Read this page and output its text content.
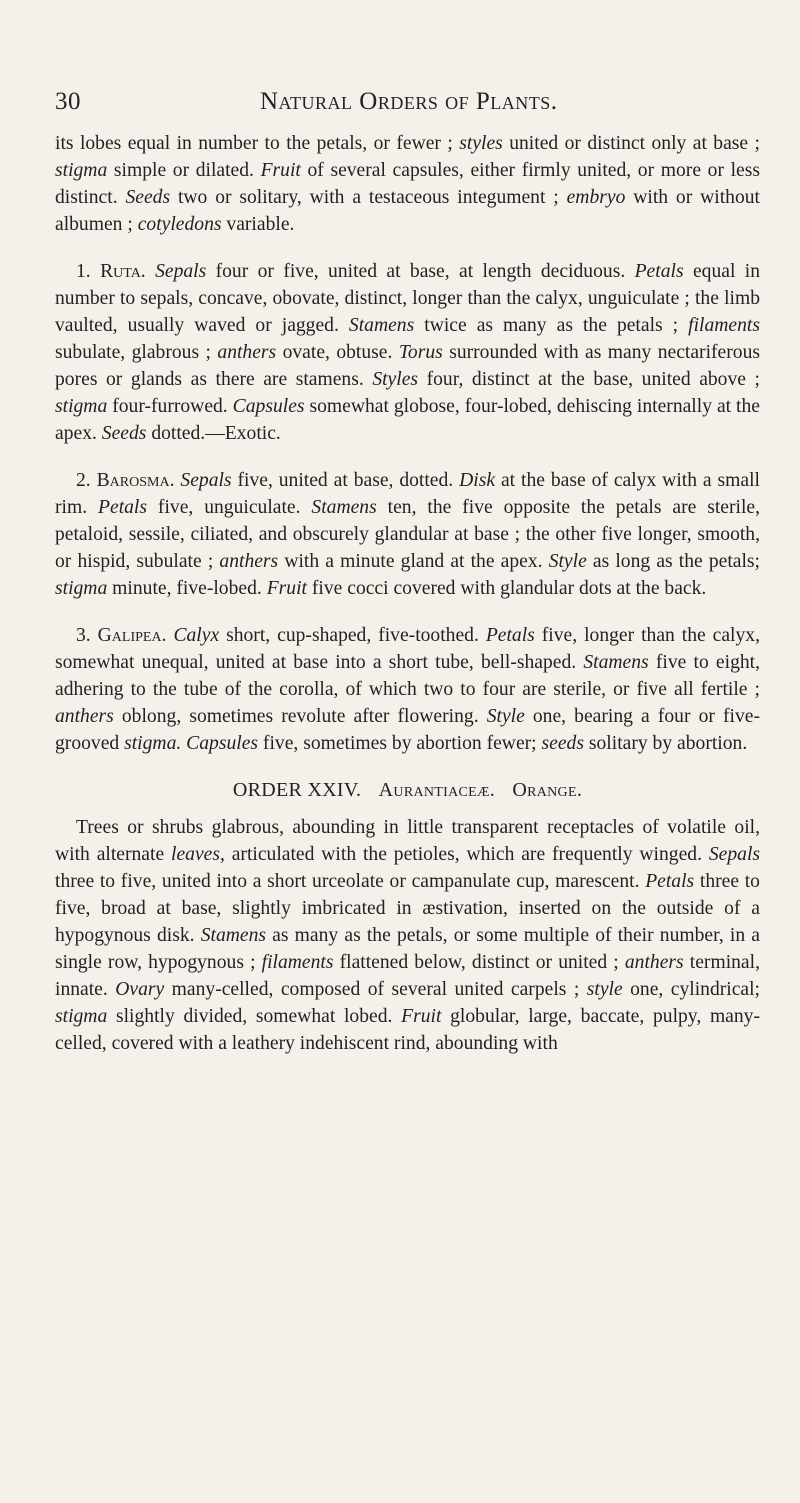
30	Natural Orders of Plants.

its lobes equal in number to the petals, or fewer ; styles united or distinct only at base ; stigma simple or dilated. Fruit of several capsules, either firmly united, or more or less distinct. Seeds two or solitary, with a testaceous integument ; embryo with or without albumen ; cotyledons variable.

1. Ruta. Sepals four or five, united at base, at length deciduous. Petals equal in number to sepals, concave, obovate, distinct, longer than the calyx, unguiculate ; the limb vaulted, usually waved or jagged. Stamens twice as many as the petals ; filaments subulate, glabrous ; anthers ovate, obtuse. Torus surrounded with as many nectariferous pores or glands as there are stamens. Styles four, distinct at the base, united above ; stigma four-furrowed. Capsules somewhat globose, four-lobed, dehiscing internally at the apex. Seeds dotted.—Exotic.

2. Barosma. Sepals five, united at base, dotted. Disk at the base of calyx with a small rim. Petals five, unguiculate. Stamens ten, the five opposite the petals are sterile, petaloid, sessile, ciliated, and obscurely glandular at base ; the other five longer, smooth, or hispid, subulate ; anthers with a minute gland at the apex. Style as long as the petals; stigma minute, five-lobed. Fruit five cocci covered with glandular dots at the back.

3. Galipea. Calyx short, cup-shaped, five-toothed. Petals five, longer than the calyx, somewhat unequal, united at base into a short tube, bell-shaped. Stamens five to eight, adhering to the tube of the corolla, of which two to four are sterile, or five all fertile ; anthers oblong, sometimes revolute after flowering. Style one, bearing a four or five-grooved stigma. Capsules five, sometimes by abortion fewer; seeds solitary by abortion.

ORDER XXIV. Aurantiaceæ. Orange.

Trees or shrubs glabrous, abounding in little transparent receptacles of volatile oil, with alternate leaves, articulated with the petioles, which are frequently winged. Sepals three to five, united into a short urceolate or campanulate cup, marescent. Petals three to five, broad at base, slightly imbricated in æstivation, inserted on the outside of a hypogynous disk. Stamens as many as the petals, or some multiple of their number, in a single row, hypogynous ; filaments flattened below, distinct or united ; anthers terminal, innate. Ovary many-celled, composed of several united carpels ; style one, cylindrical; stigma slightly divided, somewhat lobed. Fruit globular, large, baccate, pulpy, many-celled, covered with a leathery indehiscent rind, abounding with
